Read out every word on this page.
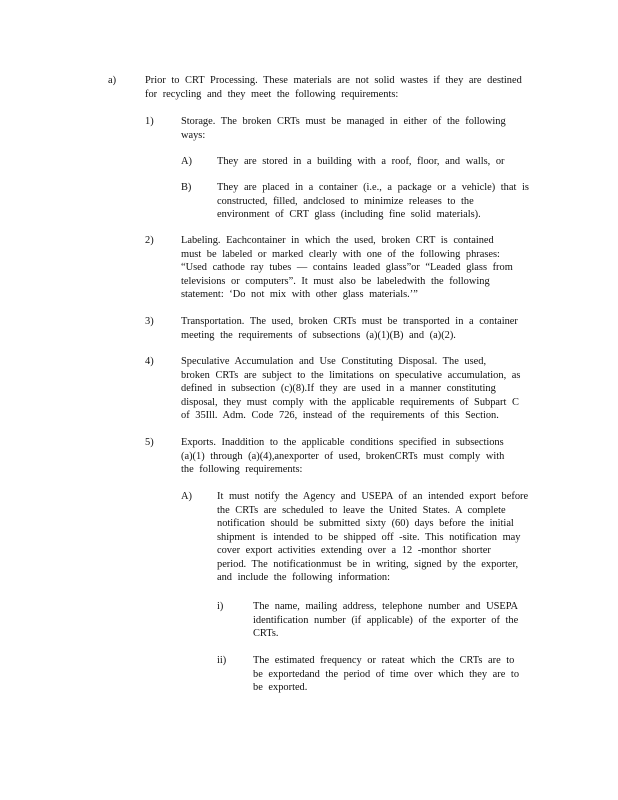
a)	Prior to CRT Processing. These materials are not solid wastes if they are destined
for recycling and they meet the following requirements:
1)	Storage. The broken CRTs must be managed in either of the following
ways:
A) They are stored in a building with a roof, floor, and walls, or
B) They are placed in a container (i.e., a package or a vehicle) that is
constructed, filled, andclosed to minimize releases to the
environment of CRT glass (including fine solid materials).
2)	Labeling. Eachcontainer in which the used, broken CRT is contained
must be labeled or marked clearly with one of the following phrases:
“Used cathode ray tubes — contains leaded glass”or “Leaded glass from
televisions or computers”. It must also be labeledwith the following
statement: ‘Do not mix with other glass materials.’”
3)	Transportation. The used, broken CRTs must be transported in a container
meeting the requirements of subsections (a)(1)(B) and (a)(2).
4)	Speculative Accumulation and Use Constituting Disposal. The used,
broken CRTs are subject to the limitations on speculative accumulation, as
defined in subsection (c)(8).If they are used in a manner constituting
disposal, they must comply with the applicable requirements of Subpart C
of 35Ill. Adm. Code 726, instead of the requirements of this Section.
5)	Exports. Inaddition to the applicable conditions specified in subsections
(a)(1) through (a)(4),anexporter of used, brokenCRTs must comply with
the following requirements:
A) It must notify the Agency and USEPA of an intended export before
the CRTs are scheduled to leave the United States. A complete
notification should be submitted sixty (60) days before the initial
shipment is intended to be shipped off -site. This notification may
cover export activities extending over a 12 -monthor shorter
period. The notificationmust be in writing, signed by the exporter,
and include the following information:
i)	The name, mailing address, telephone number and USEPA
identification number (if applicable) of the exporter of the
CRTs.
ii)	The estimated frequency or rateat which the CRTs are to
be exportedand the period of time over which they are to
be exported.
